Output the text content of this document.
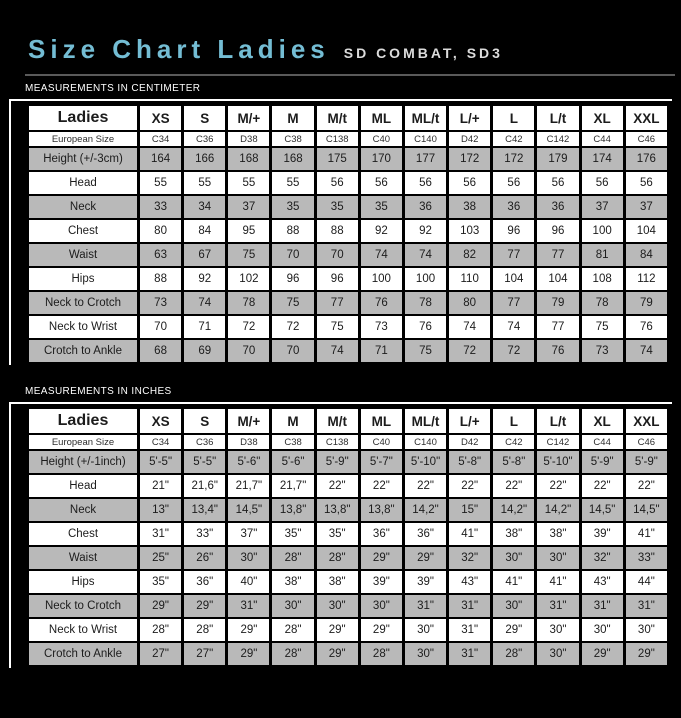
Size Chart Ladies SD COMBAT, SD3
MEASUREMENTS IN CENTIMETER
Ladies	XS	S	M/+	M	M/t	ML	ML/t	L/+	L	L/t	XL	XXL
European Size	C34	C36	D38	C38	C138	C40	C140	D42	C42	C142	C44	C46
Height (+/-3cm)	164	166	168	168	175	170	177	172	172	179	174	176
Head	55	55	55	55	56	56	56	56	56	56	56	56
Neck	33	34	37	35	35	35	36	38	36	36	37	37
Chest	80	84	95	88	88	92	92	103	96	96	100	104
Waist	63	67	75	70	70	74	74	82	77	77	81	84
Hips	88	92	102	96	96	100	100	110	104	104	108	112
Neck to Crotch	73	74	78	75	77	76	78	80	77	79	78	79
Neck to Wrist	70	71	72	72	75	73	76	74	74	77	75	76
Crotch to Ankle	68	69	70	70	74	71	75	72	72	76	73	74
MEASUREMENTS IN INCHES
Ladies	XS	S	M/+	M	M/t	ML	ML/t	L/+	L	L/t	XL	XXL
European Size	C34	C36	D38	C38	C138	C40	C140	D42	C42	C142	C44	C46
Height (+/-1inch)	5'-5"	5'-5"	5'-6"	5'-6"	5'-9"	5'-7"	5'-10"	5'-8"	5'-8"	5'-10"	5'-9"	5'-9"
Head	21"	21,6"	21,7"	21,7"	22"	22"	22"	22"	22"	22"	22"	22"
Neck	13"	13,4"	14,5"	13,8"	13,8"	13,8"	14,2"	15"	14,2"	14,2"	14,5"	14,5"
Chest	31"	33"	37"	35"	35"	36"	36"	41"	38"	38"	39"	41"
Waist	25"	26"	30"	28"	28"	29"	29"	32"	30"	30"	32"	33"
Hips	35"	36"	40"	38"	38"	39"	39"	43"	41"	41"	43"	44"
Neck to Crotch	29"	29"	31"	30"	30"	30"	31"	31"	30"	31"	31"	31"
Neck to Wrist	28"	28"	29"	28"	29"	29"	30"	31"	29"	30"	30"	30"
Crotch to Ankle	27"	27"	29"	28"	29"	28"	30"	31"	28"	30"	29"	29"
